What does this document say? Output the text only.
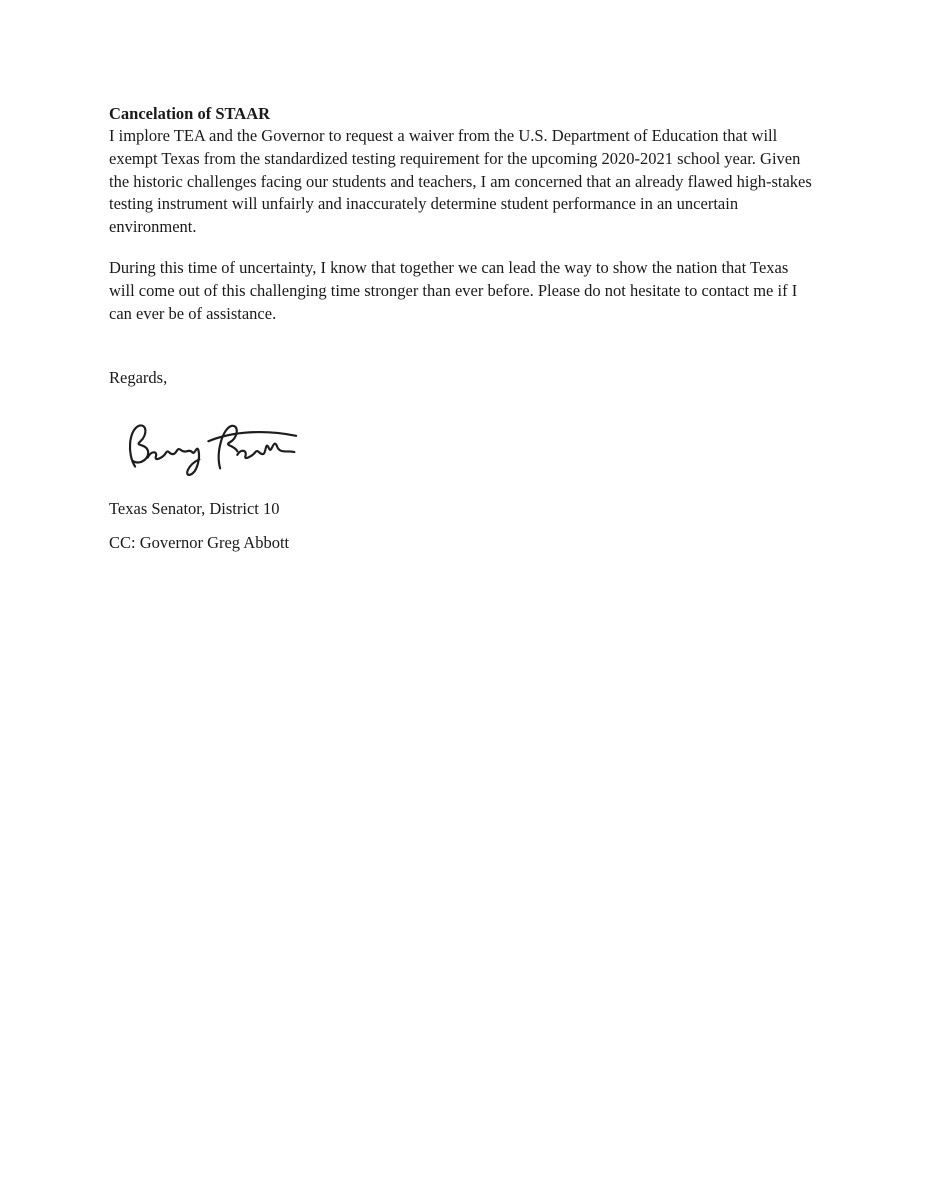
Cancelation of STAAR

I implore TEA and the Governor to request a waiver from the U.S. Department of Education that will exempt Texas from the standardized testing requirement for the upcoming 2020-2021 school year. Given the historic challenges facing our students and teachers, I am concerned that an already flawed high-stakes testing instrument will unfairly and inaccurately determine student performance in an uncertain environment.

During this time of uncertainty, I know that together we can lead the way to show the nation that Texas will come out of this challenging time stronger than ever before. Please do not hesitate to contact me if I can ever be of assistance.

Regards,

Texas Senator, District 10

CC: Governor Greg Abbott
